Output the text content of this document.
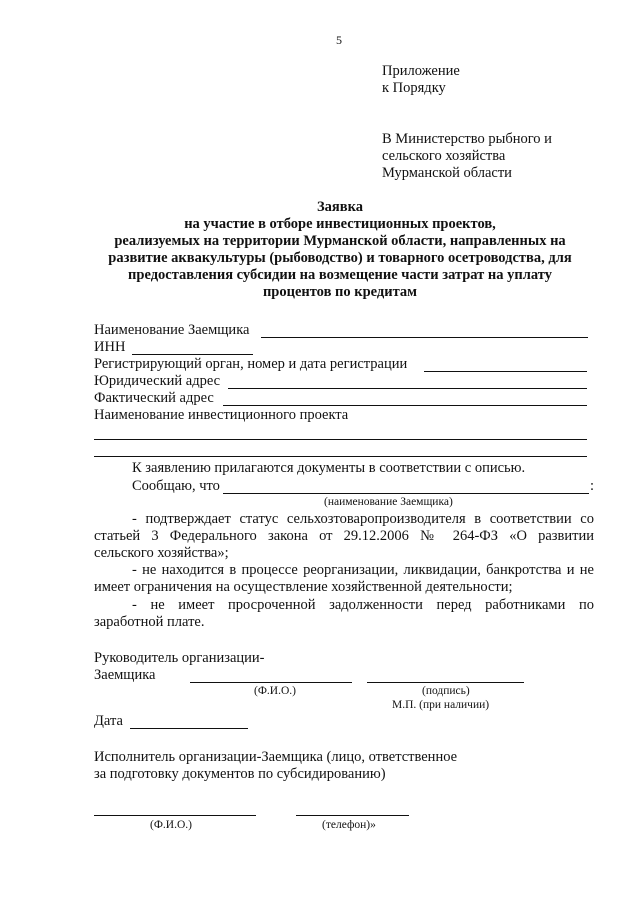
5
Приложение
к Порядку
В Министерство рыбного и
сельского хозяйства
Мурманской области
Заявка
на участие в отборе инвестиционных проектов,
реализуемых на территории Мурманской области, направленных на
развитие аквакультуры (рыбоводство) и товарного осетроводства, для
предоставления субсидии на возмещение части затрат на уплату
процентов по кредитам
Наименование Заемщика
ИНН
Регистрирующий орган, номер и дата регистрации
Юридический адрес
Фактический адрес
Наименование инвестиционного проекта
К заявлению прилагаются документы в соответствии с описью.
Сообщаю, что	:
(наименование Заемщика)
- подтверждает статус сельхозтоваропроизводителя в соответствии со
статьей 3 Федерального закона от 29.12.2006 № 264-ФЗ «О развитии
сельского хозяйства»;
- не находится в процессе реорганизации, ликвидации, банкротства и не
имеет ограничения на осуществление хозяйственной деятельности;
- не имеет просроченной задолженности перед работниками по
заработной плате.
Руководитель организации-
Заемщика
(Ф.И.О.)	(подпись)
М.П. (при наличии)
Дата
Исполнитель организации-Заемщика (лицо, ответственное
за подготовку документов по субсидированию)
(Ф.И.О.)	(телефон)»
